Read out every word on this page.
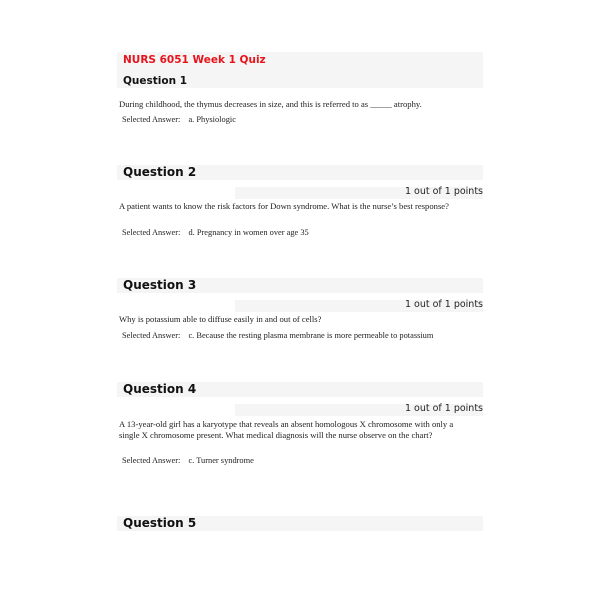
NURS 6051 Week 1 Quiz
Question 1
During childhood, the thymus decreases in size, and this is referred to as _____ atrophy.
Selected Answer: a. Physiologic
Question 2
1 out of 1 points
A patient wants to know the risk factors for Down syndrome. What is the nurse’s best response?
Selected Answer: d. Pregnancy in women over age 35
Question 3
1 out of 1 points
Why is potassium able to diffuse easily in and out of cells?
Selected Answer: c. Because the resting plasma membrane is more permeable to potassium
Question 4
1 out of 1 points
A 13-year-old girl has a karyotype that reveals an absent homologous X chromosome with only a single X chromosome present. What medical diagnosis will the nurse observe on the chart?
Selected Answer: c. Turner syndrome
Question 5
